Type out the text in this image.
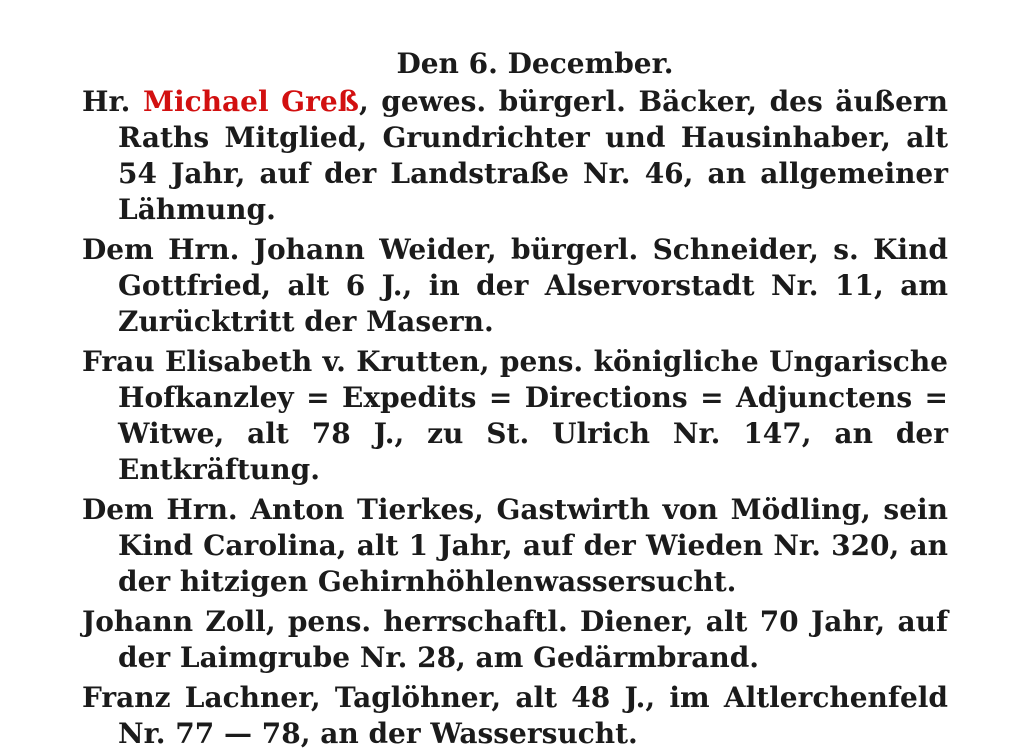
Den 6. December.

Hr. Michael Greß, gewes. bürgerl. Bäcker, des äußern Raths Mitglied, Grundrichter und Hausinhaber, alt 54 Jahr, auf der Landstraße Nr. 46, an allgemeiner Lähmung.

Dem Hrn. Johann Weider, bürgerl. Schneider, s. Kind Gottfried, alt 6 J., in der Alservorstadt Nr. 11, am Zurücktritt der Masern.

Frau Elisabeth v. Krutten, pens. königliche Ungarische Hofkanzley = Expedits = Directions = Adjunctens = Witwe, alt 78 J., zu St. Ulrich Nr. 147, an der Entkräftung.

Dem Hrn. Anton Tierkes, Gastwirth von Mödling, sein Kind Carolina, alt 1 Jahr, auf der Wieden Nr. 320, an der hitzigen Gehirnhöhlenwassersucht.

Johann Zoll, pens. herrschaftl. Diener, alt 70 Jahr, auf der Laimgrube Nr. 28, am Gedärmbrand.

Franz Lachner, Taglöhner, alt 48 J., im Altlerchenfeld Nr. 77 — 78, an der Wassersucht.
